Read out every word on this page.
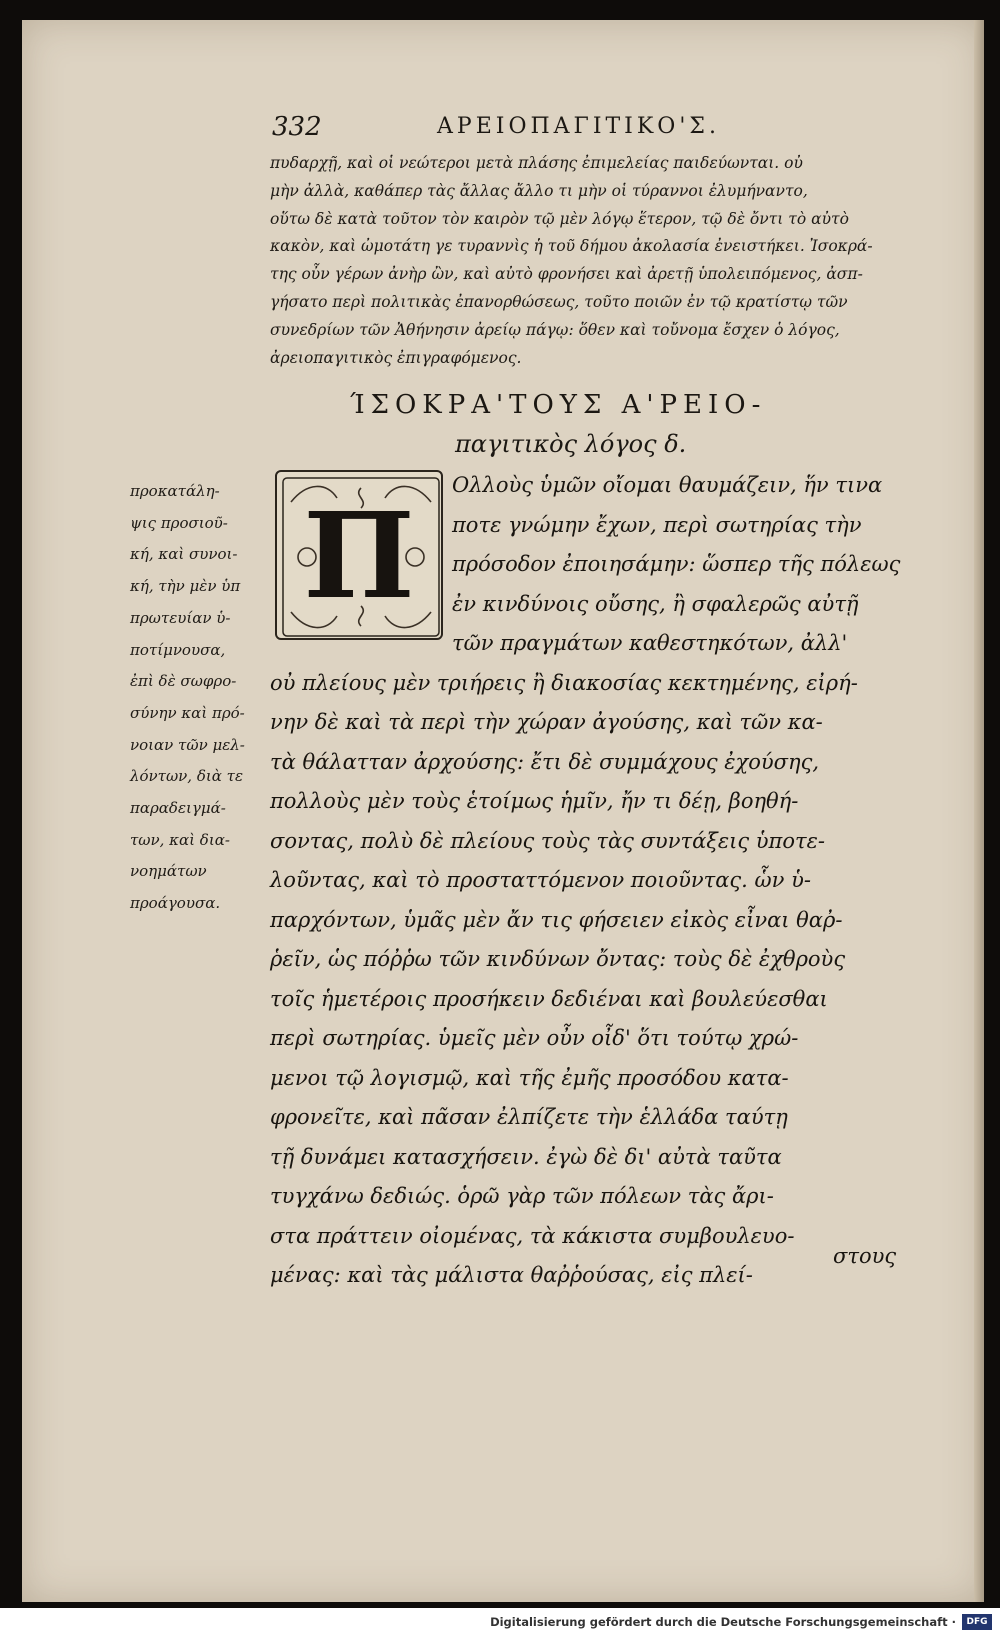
332	ΑΡΕΙΟΠΑΓΙΤΙΚΟ'Σ.
πυδαρχῇ, καὶ οἱ νεώτεροι μετὰ πλάσης ἐπιμελείας παιδεύωνται. οὐ
μὴν ἀλλὰ, καθάπερ τὰς ἄλλας ἄλλο τι μὴν οἱ τύραννοι ἐλυμήναντο,
οὕτω δὲ κατὰ τοῦτον τὸν καιρὸν τῷ μὲν λόγῳ ἕτερον, τῷ δὲ ὄντι τὸ αὐτὸ
κακὸν, καὶ ὠμοτάτη γε τυραννὶς ἡ τοῦ δήμου ἀκολασία ἐνειστήκει. Ἰσοκρά-
της οὖν γέρων ἀνὴρ ὢν, καὶ αὐτὸ φρονήσει καὶ ἀρετῇ ὑπολειπόμενος, ἀσπ-
γήσατο περὶ πολιτικὰς ἐπανορθώσεως, τοῦτο ποιῶν ἐν τῷ κρατίστῳ τῶν
συνεδρίων τῶν Ἀθήνησιν ἀρείῳ πάγῳ: ὅθεν καὶ τοὔνομα ἔσχεν ὁ λόγος,
ἀρειοπαγιτικὸς ἐπιγραφόμενος.
ΊΣΟΚΡΑ'ΤΟΥΣ Α'ΡΕΙΟ-
παγιτικὸς λόγος δ.
Π
προκατάλη-
ψις προσιοῦ-
κή, καὶ συνοι-
κή, τὴν μὲν ὑπ
πρωτευίαν ὑ-
ποτίμνουσα,
ἐπὶ δὲ σωφρο-
σύνην καὶ πρό-
νοιαν τῶν μελ-
λόντων, διὰ τε
παραδειγμά-
των, καὶ δια-
νοημάτων
προάγουσα.
Ολλοὺς ὑμῶν οἴομαι θαυμάζειν, ἥν τινα
ποτε γνώμην ἔχων, περὶ σωτηρίας τὴν
πρόσοδον ἐποιησάμην: ὥσπερ τῆς πόλεως
ἐν κινδύνοις οὔσης, ἢ σφαλερῶς αὐτῇ
τῶν πραγμάτων καθεστηκότων, ἀλλ'
οὐ πλείους μὲν τριήρεις ἢ διακοσίας κεκτημένης, εἰρή-
νην δὲ καὶ τὰ περὶ τὴν χώραν ἀγούσης, καὶ τῶν κα-
τὰ θάλατταν ἀρχούσης: ἔτι δὲ συμμάχους ἐχούσης,
πολλοὺς μὲν τοὺς ἑτοίμως ἡμῖν, ἤν τι δέῃ, βοηθή-
σοντας, πολὺ δὲ πλείους τοὺς τὰς συντάξεις ὑποτε-
λοῦντας, καὶ τὸ προσταττόμενον ποιοῦντας. ὧν ὑ-
παρχόντων, ὑμᾶς μὲν ἄν τις φήσειεν εἰκὸς εἶναι θαῤ-
ῥεῖν, ὡς πόῤῥω τῶν κινδύνων ὄντας: τοὺς δὲ ἐχθροὺς
τοῖς ἡμετέροις προσήκειν δεδιέναι καὶ βουλεύεσθαι
περὶ σωτηρίας. ὑμεῖς μὲν οὖν οἶδ' ὅτι τούτῳ χρώ-
μενοι τῷ λογισμῷ, καὶ τῆς ἐμῆς προσόδου κατα-
φρονεῖτε, καὶ πᾶσαν ἐλπίζετε τὴν ἑλλάδα ταύτῃ
τῇ δυνάμει κατασχήσειν. ἐγὼ δὲ δι' αὐτὰ ταῦτα
τυγχάνω δεδιώς. ὁρῶ γὰρ τῶν πόλεων τὰς ἄρι-
στα πράττειν οἰομένας, τὰ κάκιστα συμβουλευο-
μένας: καὶ τὰς μάλιστα θαῤῥούσας, εἰς πλεί-
στους
Digitalisierung gefördert durch die Deutsche Forschungsgemeinschaft ·	DFG
